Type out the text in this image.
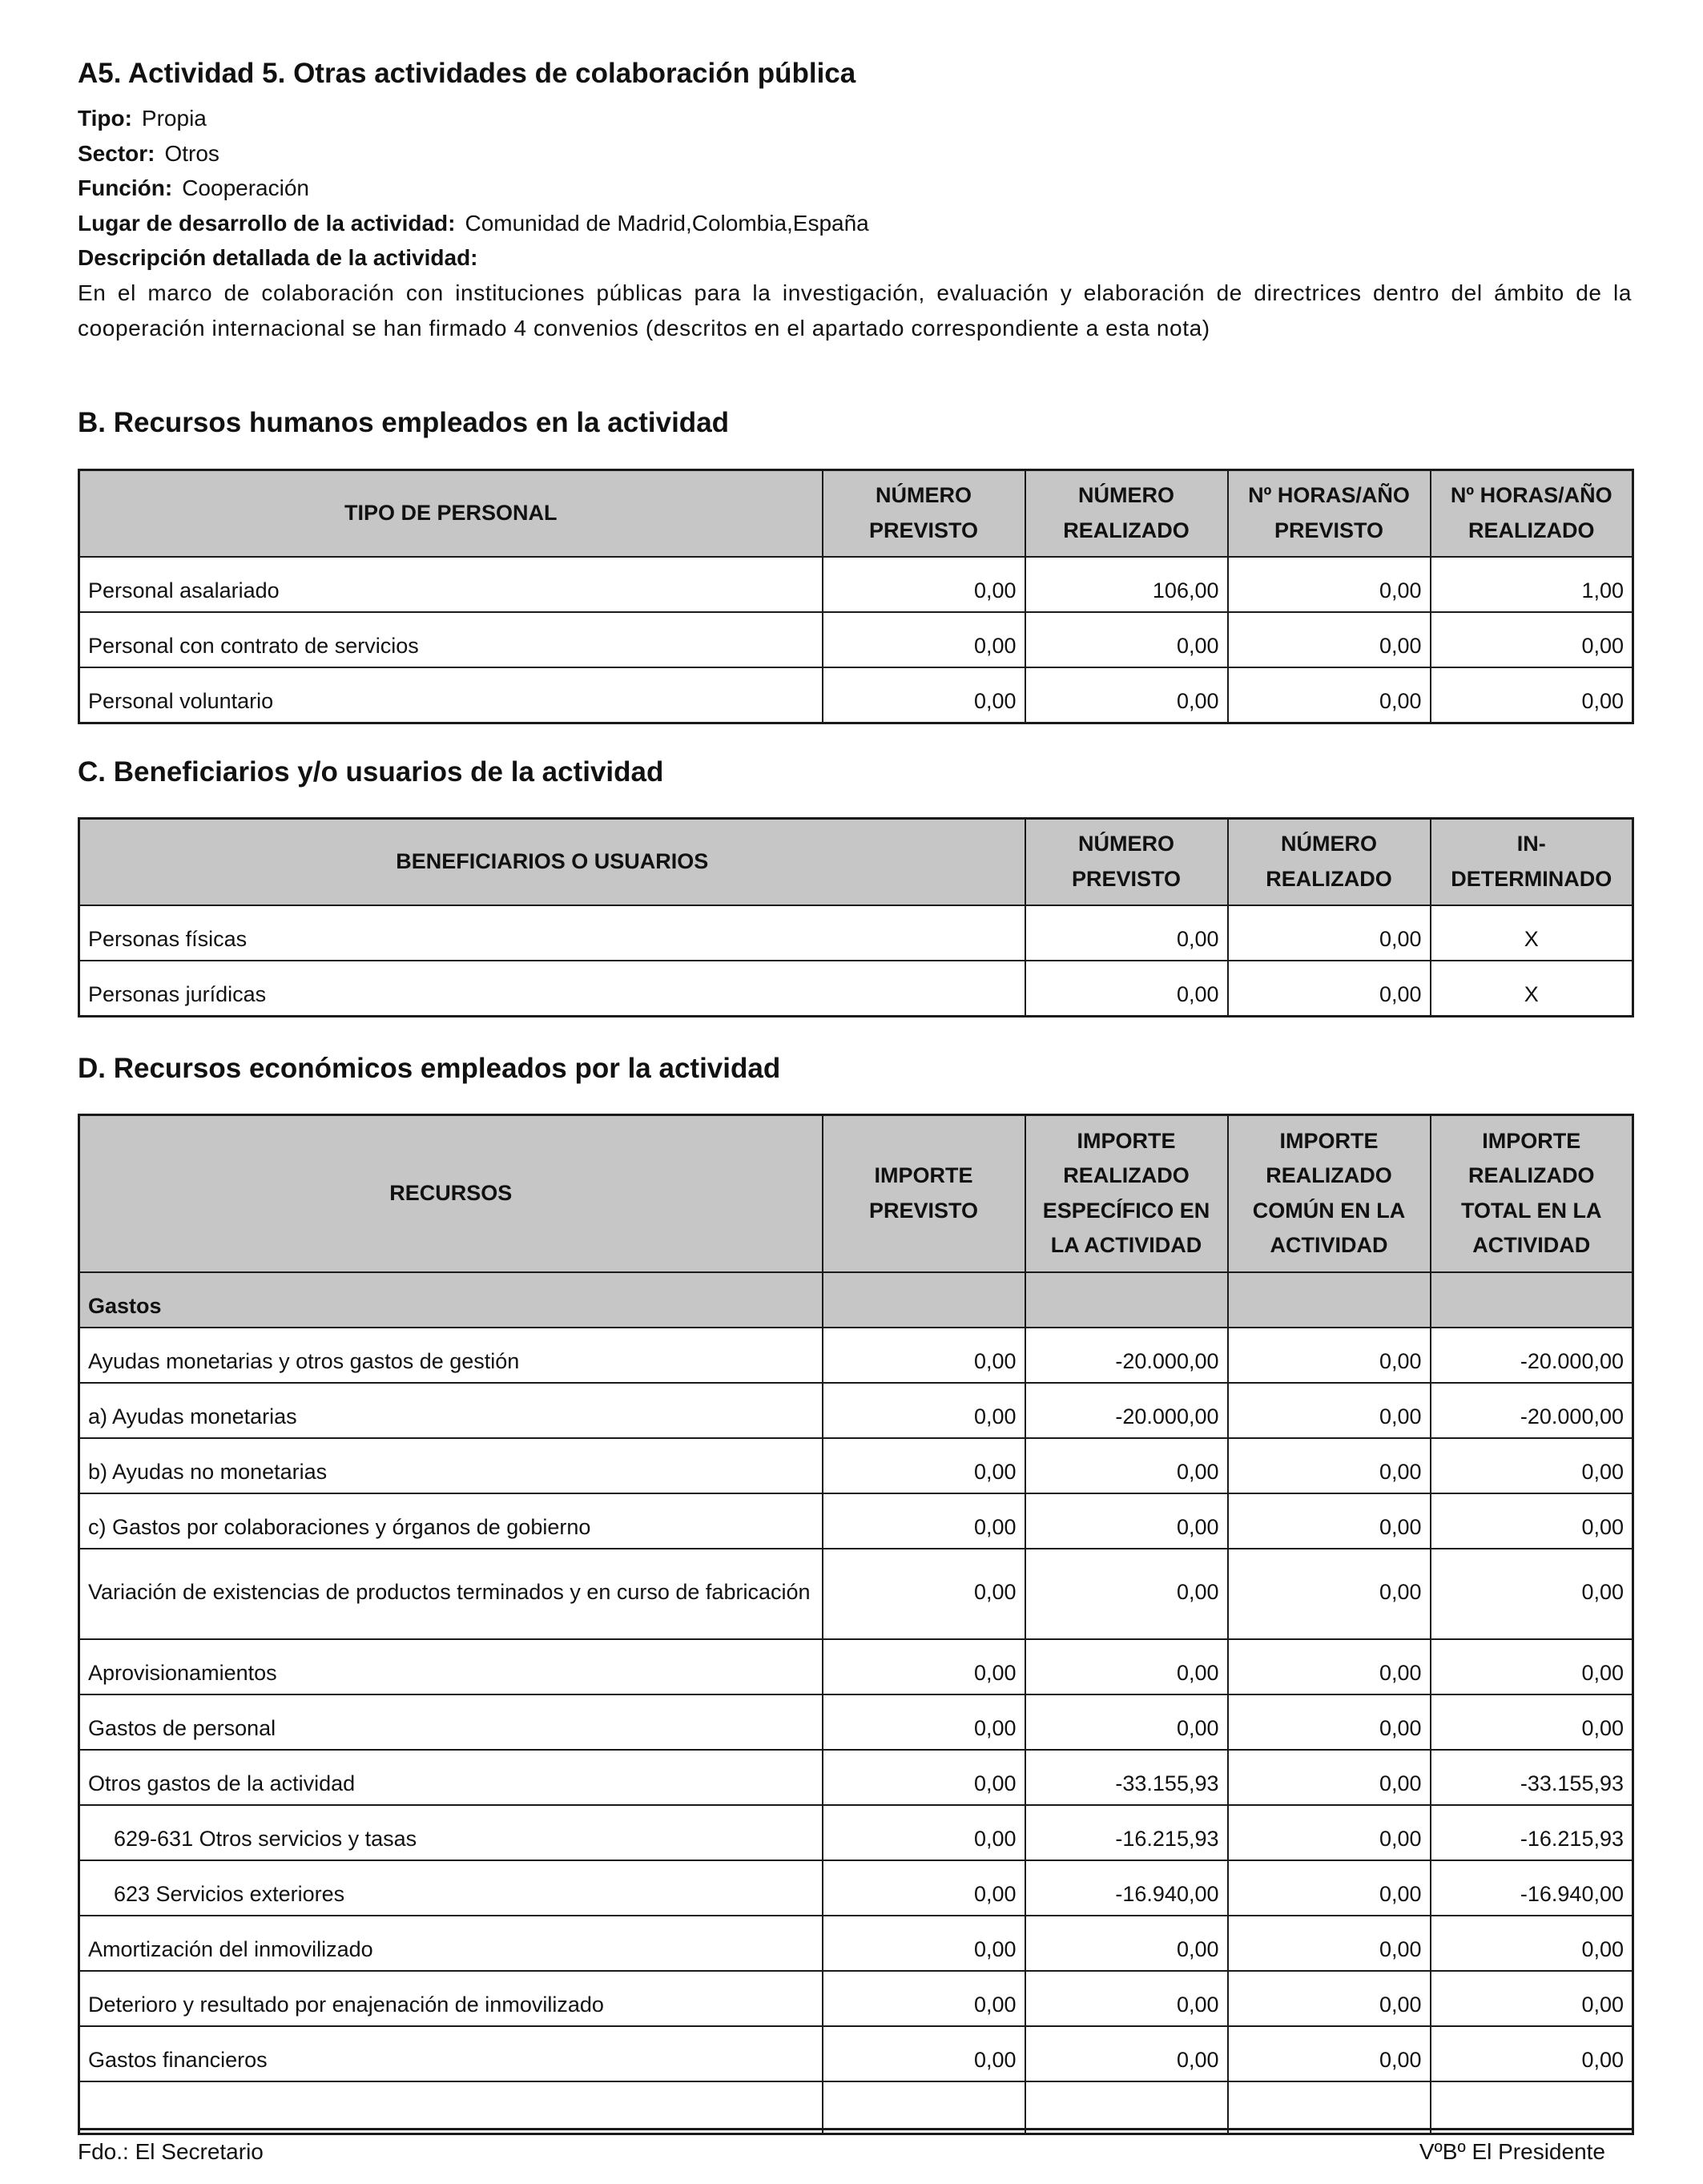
A5. Actividad 5. Otras actividades de colaboración pública
Tipo: Propia
Sector: Otros
Función: Cooperación
Lugar de desarrollo de la actividad: Comunidad de Madrid,Colombia,España
Descripción detallada de la actividad:
En el marco de colaboración con instituciones públicas para la investigación, evaluación y elaboración de directrices dentro del ámbito de la cooperación internacional se han firmado 4 convenios (descritos en el apartado correspondiente a esta nota)
B. Recursos humanos empleados en la actividad
TIPO DE PERSONAL	NÚMERO PREVISTO	NÚMERO REALIZADO	Nº HORAS/AÑO PREVISTO	Nº HORAS/AÑO REALIZADO
Personal asalariado	0,00	106,00	0,00	1,00
Personal con contrato de servicios	0,00	0,00	0,00	0,00
Personal voluntario	0,00	0,00	0,00	0,00
C. Beneficiarios y/o usuarios de la actividad
BENEFICIARIOS O USUARIOS	NÚMERO PREVISTO	NÚMERO REALIZADO	IN-DETERMINADO
Personas físicas	0,00	0,00	X
Personas jurídicas	0,00	0,00	X
D. Recursos económicos empleados por la actividad
RECURSOS	IMPORTE PREVISTO	IMPORTE REALIZADO ESPECÍFICO EN LA ACTIVIDAD	IMPORTE REALIZADO COMÚN EN LA ACTIVIDAD	IMPORTE REALIZADO TOTAL EN LA ACTIVIDAD
Gastos				
Ayudas monetarias y otros gastos de gestión	0,00	-20.000,00	0,00	-20.000,00
a) Ayudas monetarias	0,00	-20.000,00	0,00	-20.000,00
b) Ayudas no monetarias	0,00	0,00	0,00	0,00
c) Gastos por colaboraciones y órganos de gobierno	0,00	0,00	0,00	0,00
Variación de existencias de productos terminados y en curso de fabricación	0,00	0,00	0,00	0,00
Aprovisionamientos	0,00	0,00	0,00	0,00
Gastos de personal	0,00	0,00	0,00	0,00
Otros gastos de la actividad	0,00	-33.155,93	0,00	-33.155,93
629-631 Otros servicios y tasas	0,00	-16.215,93	0,00	-16.215,93
623 Servicios exteriores	0,00	-16.940,00	0,00	-16.940,00
Amortización del inmovilizado	0,00	0,00	0,00	0,00
Deterioro y resultado por enajenación de inmovilizado	0,00	0,00	0,00	0,00
Gastos financieros	0,00	0,00	0,00	0,00

Fdo.: El Secretario	VºBº El Presidente
